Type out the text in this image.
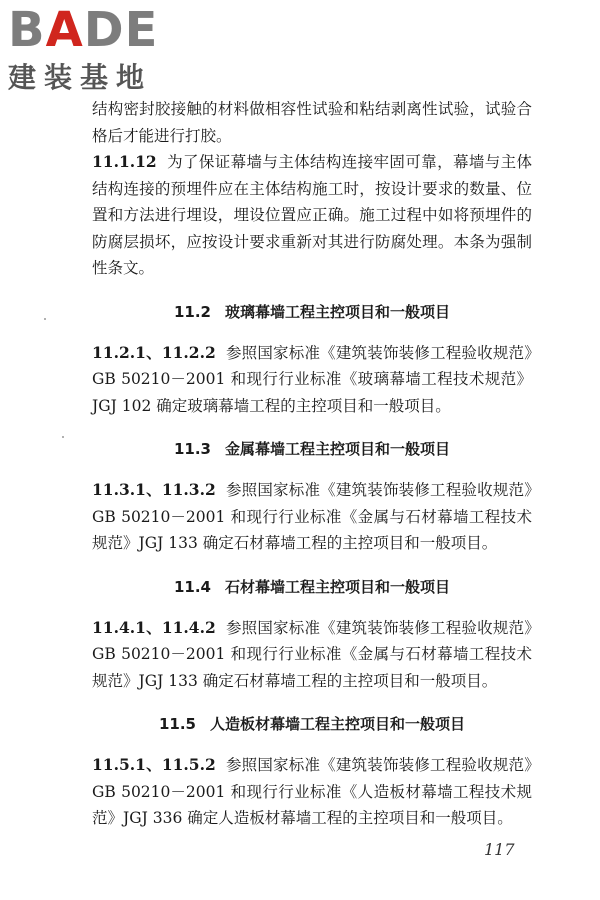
BADE
建装基地

结构密封胶接触的材料做相容性试验和粘结剥离性试验，试验合格后才能进行打胶。

11.1.12 为了保证幕墙与主体结构连接牢固可靠，幕墙与主体结构连接的预埋件应在主体结构施工时，按设计要求的数量、位置和方法进行埋设，埋设位置应正确。施工过程中如将预埋件的防腐层损坏，应按设计要求重新对其进行防腐处理。本条为强制性条文。

11.2 玻璃幕墙工程主控项目和一般项目

11.2.1、11.2.2 参照国家标准《建筑装饰装修工程验收规范》GB 50210－2001 和现行行业标准《玻璃幕墙工程技术规范》JGJ 102 确定玻璃幕墙工程的主控项目和一般项目。

11.3 金属幕墙工程主控项目和一般项目

11.3.1、11.3.2 参照国家标准《建筑装饰装修工程验收规范》GB 50210－2001 和现行行业标准《金属与石材幕墙工程技术规范》JGJ 133 确定石材幕墙工程的主控项目和一般项目。

11.4 石材幕墙工程主控项目和一般项目

11.4.1、11.4.2 参照国家标准《建筑装饰装修工程验收规范》GB 50210－2001 和现行行业标准《金属与石材幕墙工程技术规范》JGJ 133 确定石材幕墙工程的主控项目和一般项目。

11.5 人造板材幕墙工程主控项目和一般项目

11.5.1、11.5.2 参照国家标准《建筑装饰装修工程验收规范》GB 50210－2001 和现行行业标准《人造板材幕墙工程技术规范》JGJ 336 确定人造板材幕墙工程的主控项目和一般项目。

117
